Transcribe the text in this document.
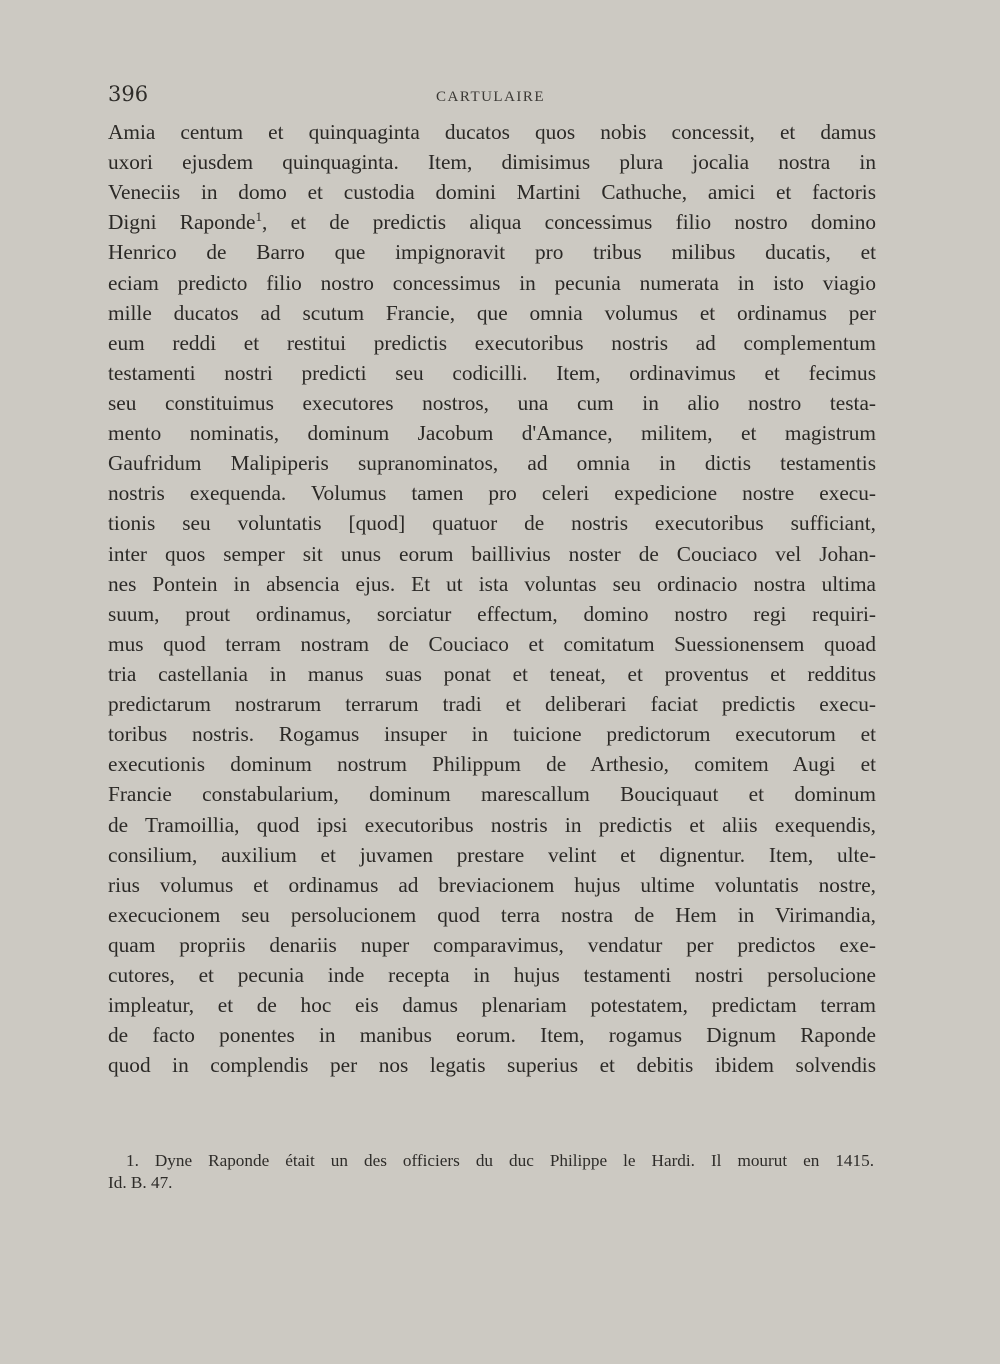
396	CARTULAIRE
Amia centum et quinquaginta ducatos quos nobis concessit, et damus
uxori ejusdem quinquaginta. Item, dimisimus plura jocalia nostra in
Veneciis in domo et custodia domini Martini Cathuche, amici et factoris
Digni Raponde$^1$, et de predictis aliqua concessimus filio nostro domino
Henrico de Barro que impignoravit pro tribus milibus ducatis, et
eciam predicto filio nostro concessimus in pecunia numerata in isto viagio
mille ducatos ad scutum Francie, que omnia volumus et ordinamus per
eum reddi et restitui predictis executoribus nostris ad complementum
testamenti nostri predicti seu codicilli. Item, ordinavimus et fecimus
seu constituimus executores nostros, una cum in alio nostro testa-
mento nominatis, dominum Jacobum d'Amance, militem, et magistrum
Gaufridum Malipiperis supranominatos, ad omnia in dictis testamentis
nostris exequenda. Volumus tamen pro celeri expedicione nostre execu-
tionis seu voluntatis [quod] quatuor de nostris executoribus sufficiant,
inter quos semper sit unus eorum baillivius noster de Couciaco vel Johan-
nes Pontein in absencia ejus. Et ut ista voluntas seu ordinacio nostra ultima
suum, prout ordinamus, sorciatur effectum, domino nostro regi requiri-
mus quod terram nostram de Couciaco et comitatum Suessionensem quoad
tria castellania in manus suas ponat et teneat, et proventus et redditus
predictarum nostrarum terrarum tradi et deliberari faciat predictis execu-
toribus nostris. Rogamus insuper in tuicione predictorum executorum et
executionis dominum nostrum Philippum de Arthesio, comitem Augi et
Francie constabularium, dominum marescallum Bouciquaut et dominum
de Tramoillia, quod ipsi executoribus nostris in predictis et aliis exequendis,
consilium, auxilium et juvamen prestare velint et dignentur. Item, ulte-
rius volumus et ordinamus ad breviacionem hujus ultime voluntatis nostre,
execucionem seu persolucionem quod terra nostra de Hem in Virimandia,
quam propriis denariis nuper comparavimus, vendatur per predictos exe-
cutores, et pecunia inde recepta in hujus testamenti nostri persolucione
impleatur, et de hoc eis damus plenariam potestatem, predictam terram
de facto ponentes in manibus eorum. Item, rogamus Dignum Raponde
quod in complendis per nos legatis superius et debitis ibidem solvendis
1. Dyne Raponde était un des officiers du duc Philippe le Hardi. Il mourut en 1415.
Id. B. 47.
